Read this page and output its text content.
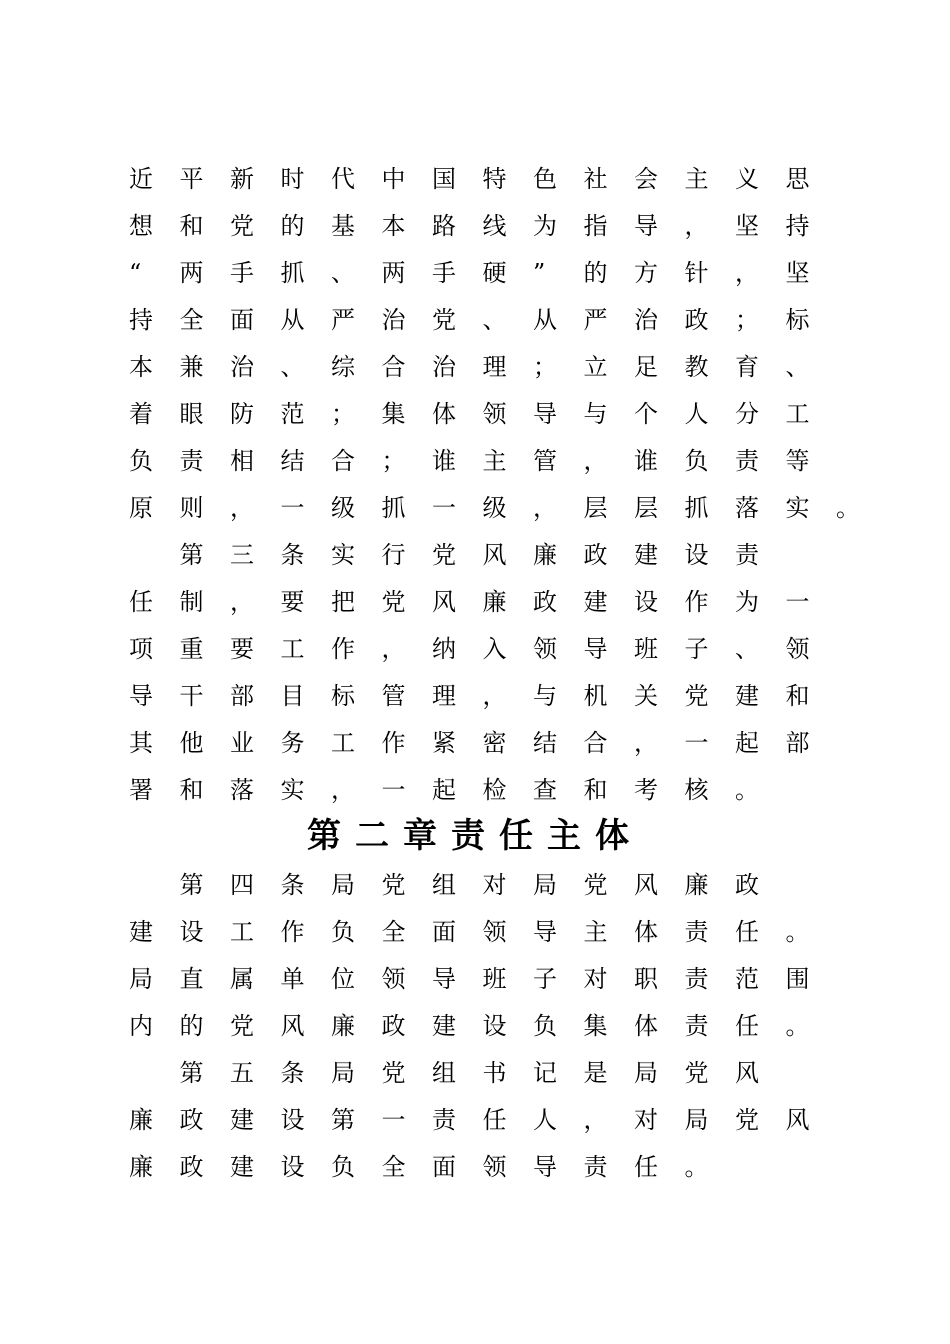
近 平 新 时 代 中 国 特 色 社 会 主 义 思
想 和 党 的 基 本 路 线 为 指 导 ， 坚 持
“ 两 手 抓 、 两 手 硬 ” 的 方 针 ， 坚
持 全 面 从 严 治 党 、 从 严 治 政 ； 标
本 兼 治 、 综 合 治 理 ； 立 足 教 育 、
着 眼 防 范 ； 集 体 领 导 与 个 人 分 工
负 责 相 结 合 ； 谁 主 管 ， 谁 负 责 等
原 则 ， 一 级 抓 一 级 ， 层 层 抓 落 实 。
　第 三 条 实 行 党 风 廉 政 建 设 责
任 制 ， 要 把 党 风 廉 政 建 设 作 为 一
项 重 要 工 作 ， 纳 入 领 导 班 子 、 领
导 干 部 目 标 管 理 ， 与 机 关 党 建 和
其 他 业 务 工 作 紧 密 结 合 ， 一 起 部
署 和 落 实 ， 一 起 检 查 和 考 核 。
第二章责任主体
　第 四 条 局 党 组 对 局 党 风 廉 政
建 设 工 作 负 全 面 领 导 主 体 责 任 。
局 直 属 单 位 领 导 班 子 对 职 责 范 围
内 的 党 风 廉 政 建 设 负 集 体 责 任 。
　第 五 条 局 党 组 书 记 是 局 党 风
廉 政 建 设 第 一 责 任 人 ， 对 局 党 风
廉 政 建 设 负 全 面 领 导 责 任 。
